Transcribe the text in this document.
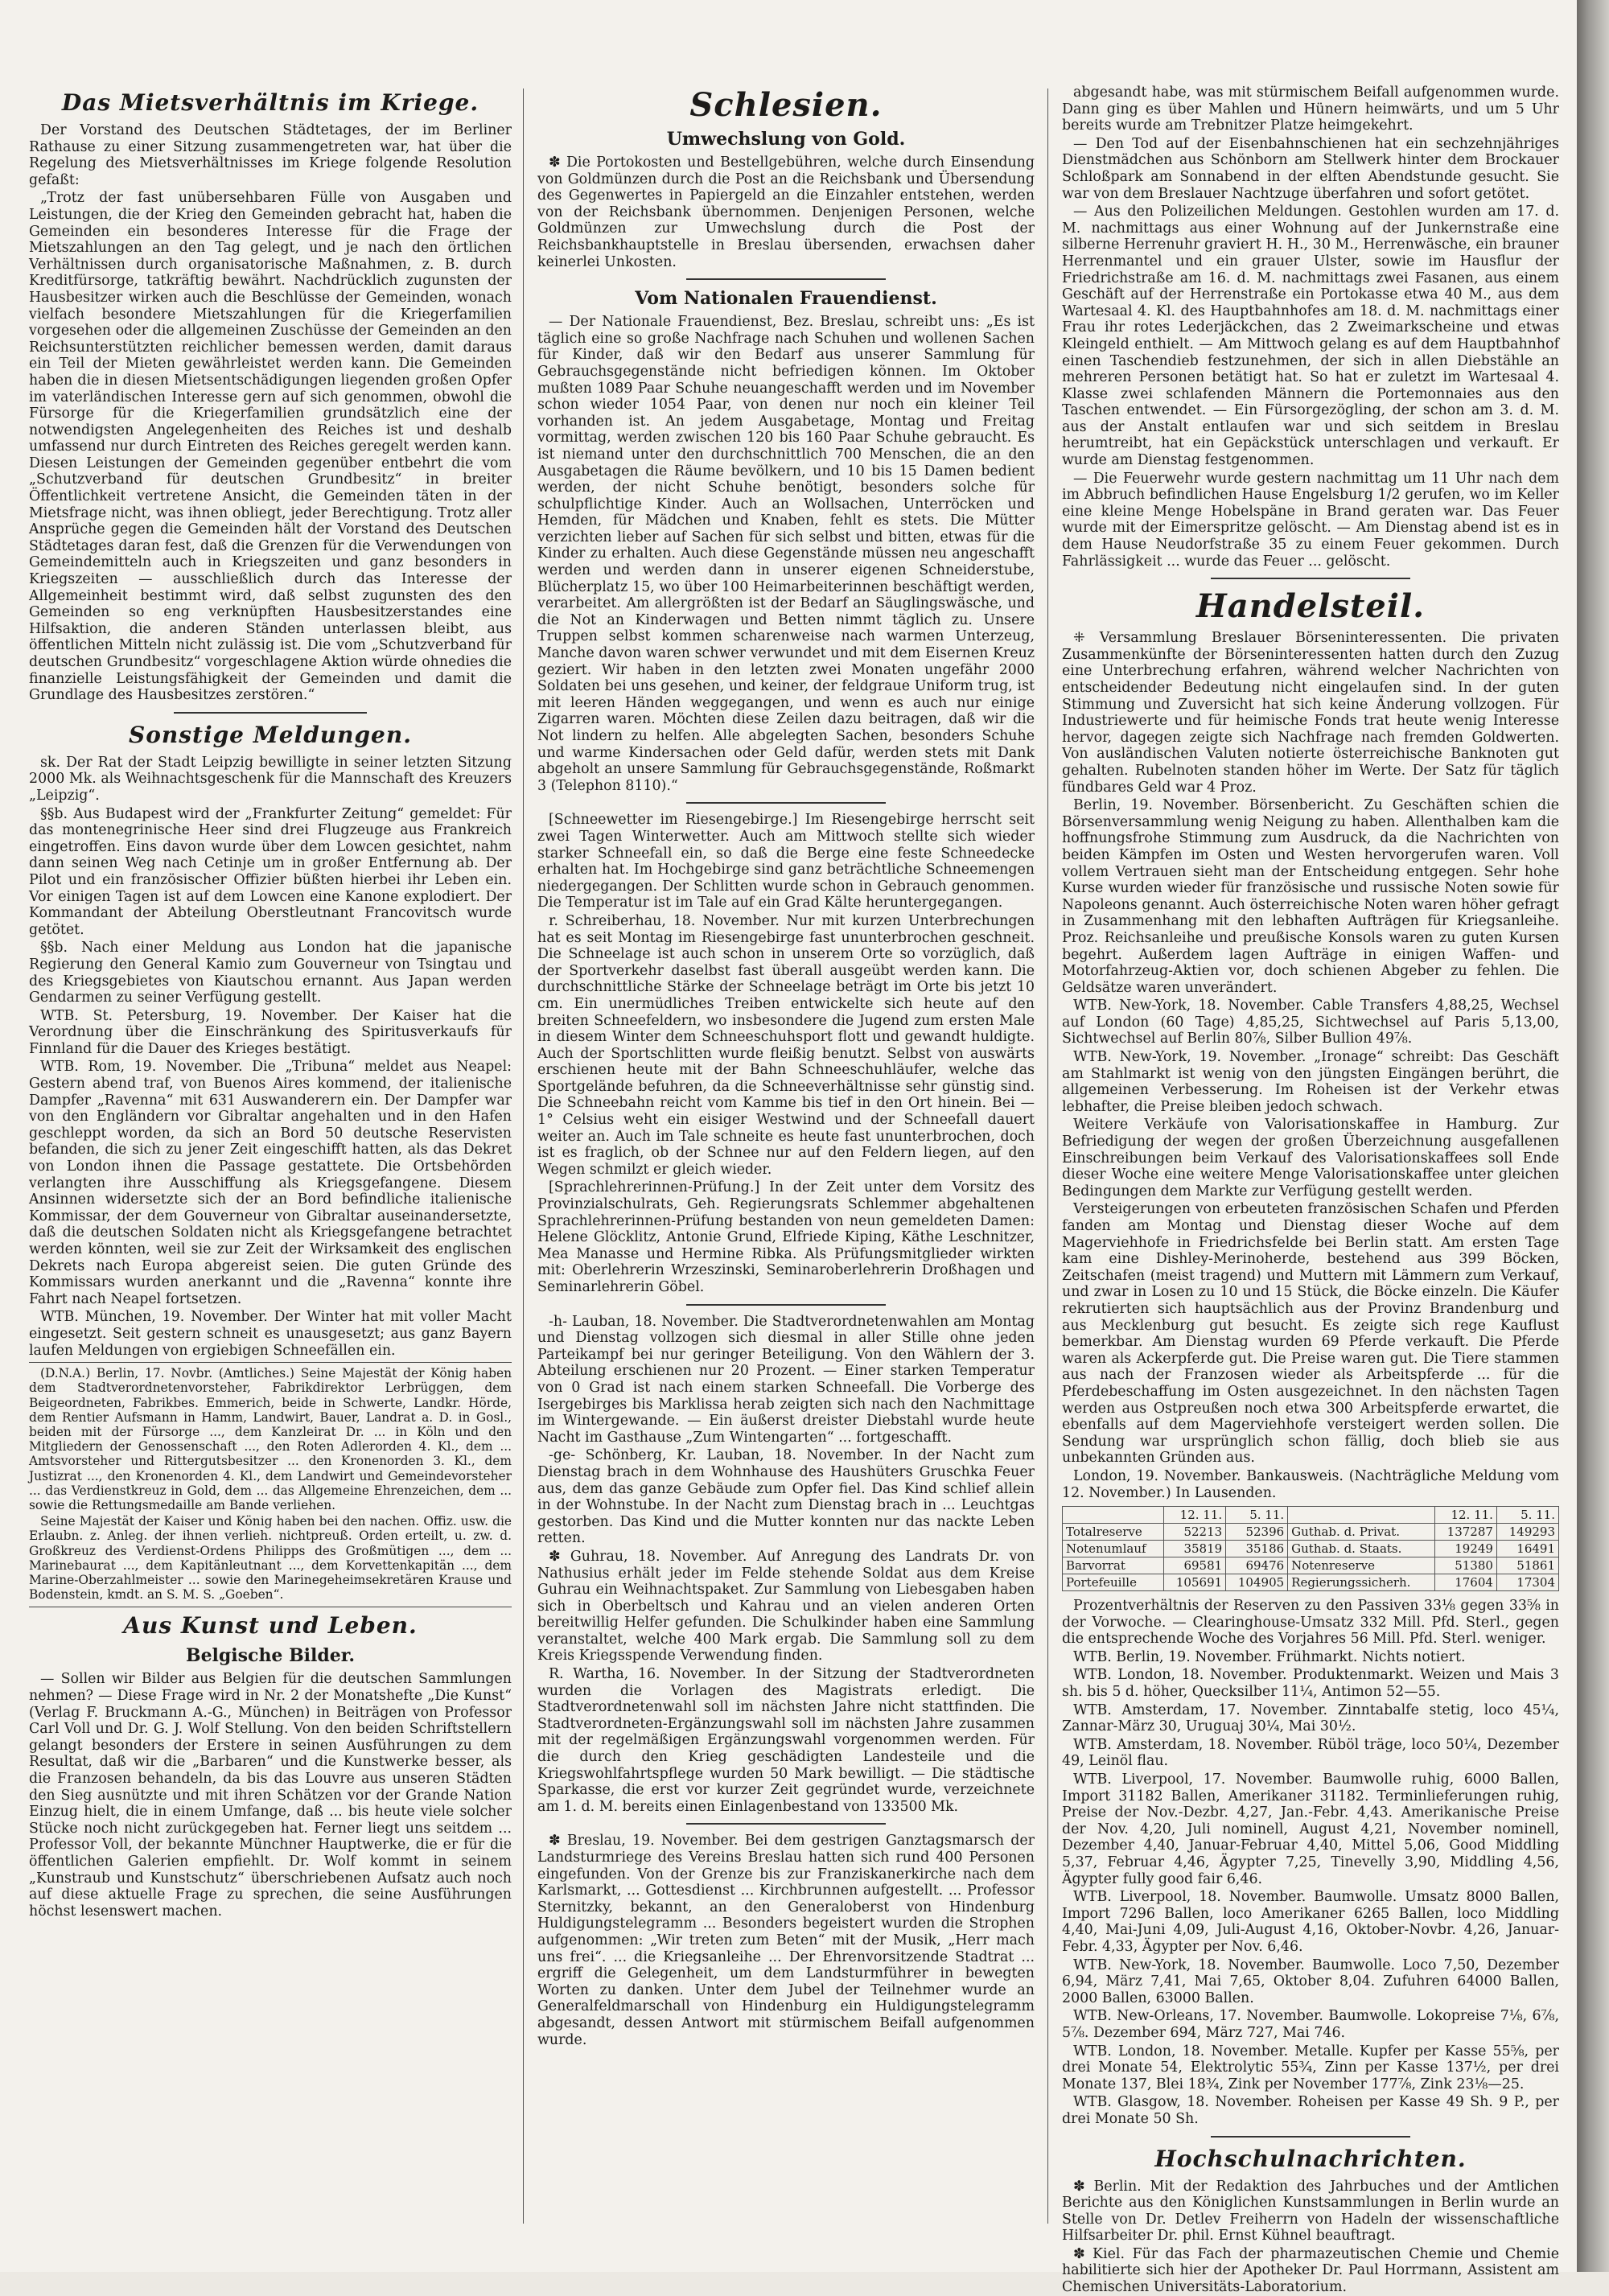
Das Mietsverhältnis im Kriege.

Der Vorstand des Deutschen Städtetages, der im Berliner Rathause zu einer Sitzung zusammengetreten war, hat über die Regelung des Mietsverhältnisses im Kriege folgende Resolution gefaßt:

„Trotz der fast unübersehbaren Fülle von Ausgaben und Leistungen, die der Krieg den Gemeinden gebracht hat, haben die Gemeinden ein besonderes Interesse für die Frage der Mietszahlungen an den Tag gelegt, und je nach den örtlichen Verhältnissen durch organisatorische Maßnahmen, z. B. durch Kreditfürsorge, tatkräftig bewährt. Nachdrücklich zugunsten der Hausbesitzer wirken auch die Beschlüsse der Gemeinden, wonach vielfach besondere Mietszahlungen für die Kriegerfamilien vorgesehen oder die allgemeinen Zuschüsse der Gemeinden an den Reichsunterstützten reichlicher bemessen werden, damit daraus ein Teil der Mieten gewährleistet werden kann. Die Gemeinden haben die in diesen Mietsentschädigungen liegenden großen Opfer im vaterländischen Interesse gern auf sich genommen, obwohl die Fürsorge für die Kriegerfamilien grundsätzlich eine der notwendigsten Angelegenheiten des Reiches ist und deshalb umfassend nur durch Eintreten des Reiches geregelt werden kann. Diesen Leistungen der Gemeinden gegenüber entbehrt die vom „Schutzverband für deutschen Grundbesitz“ in breiter Öffentlichkeit vertretene Ansicht, die Gemeinden täten in der Mietsfrage nicht, was ihnen obliegt, jeder Berechtigung. Trotz aller Ansprüche gegen die Gemeinden hält der Vorstand des Deutschen Städtetages daran fest, daß die Grenzen für die Verwendungen von Gemeindemitteln auch in Kriegszeiten und ganz besonders in Kriegszeiten — ausschließlich durch das Interesse der Allgemeinheit bestimmt wird, daß selbst zugunsten des den Gemeinden so eng verknüpften Hausbesitzerstandes eine Hilfsaktion, die anderen Ständen unterlassen bleibt, aus öffentlichen Mitteln nicht zulässig ist. Die vom „Schutzverband für deutschen Grundbesitz“ vorgeschlagene Aktion würde ohnedies die finanzielle Leistungsfähigkeit der Gemeinden und damit die Grundlage des Hausbesitzes zerstören.“

Sonstige Meldungen.

sk. Der Rat der Stadt Leipzig bewilligte in seiner letzten Sitzung 2000 Mk. als Weihnachtsgeschenk für die Mannschaft des Kreuzers „Leipzig“.

§§b. Aus Budapest wird der „Frankfurter Zeitung“ gemeldet: Für das montenegrinische Heer sind drei Flugzeuge aus Frankreich eingetroffen. Eins davon wurde über dem Lowcen gesichtet, nahm dann seinen Weg nach Cetinje um in großer Entfernung ab. Der Pilot und ein französischer Offizier büßten hierbei ihr Leben ein. Vor einigen Tagen ist auf dem Lowcen eine Kanone explodiert. Der Kommandant der Abteilung Oberstleutnant Francovitsch wurde getötet.

§§b. Nach einer Meldung aus London hat die japanische Regierung den General Kamio zum Gouverneur von Tsingtau und des Kriegsgebietes von Kiautschou ernannt. Aus Japan werden Gendarmen zu seiner Verfügung gestellt.

WTB. St. Petersburg, 19. November. Der Kaiser hat die Verordnung über die Einschränkung des Spiritusverkaufs für Finnland für die Dauer des Krieges bestätigt.

WTB. Rom, 19. November. Die „Tribuna“ meldet aus Neapel: Gestern abend traf, von Buenos Aires kommend, der italienische Dampfer „Ravenna“ mit 631 Auswanderern ein. Der Dampfer war von den Engländern vor Gibraltar angehalten und in den Hafen geschleppt worden, da sich an Bord 50 deutsche Reservisten befanden, die sich zu jener Zeit eingeschifft hatten, als das Dekret von London ihnen die Passage gestattete. Die Ortsbehörden verlangten ihre Ausschiffung als Kriegsgefangene. Diesem Ansinnen widersetzte sich der an Bord befindliche italienische Kommissar, der dem Gouverneur von Gibraltar auseinandersetzte, daß die deutschen Soldaten nicht als Kriegsgefangene betrachtet werden könnten, weil sie zur Zeit der Wirksamkeit des englischen Dekrets nach Europa abgereist seien. Die guten Gründe des Kommissars wurden anerkannt und die „Ravenna“ konnte ihre Fahrt nach Neapel fortsetzen.

WTB. München, 19. November. Der Winter hat mit voller Macht eingesetzt. Seit gestern schneit es unausgesetzt; aus ganz Bayern laufen Meldungen von ergiebigen Schneefällen ein.

(D.N.A.) Berlin, 17. Novbr. (Amtliches.) Seine Majestät der König haben dem Stadtverordnetenvorsteher, Fabrikdirektor Lerbrüggen, dem Beigeordneten, Fabrikbes. Emmerich, beide in Schwerte, Landkr. Hörde, dem Rentier Aufsmann in Hamm, Landwirt, Bauer, Landrat a. D. in Gosl., beiden mit der Fürsorge ..., dem Kanzleirat Dr. ... in Köln und den Mitgliedern der Genossenschaft ..., den Roten Adlerorden 4. Kl., dem ... Amtsvorsteher und Rittergutsbesitzer ... den Kronenorden 3. Kl., dem Justizrat ..., den Kronenorden 4. Kl., dem Landwirt und Gemeindevorsteher ... das Verdienstkreuz in Gold, dem ... das Allgemeine Ehrenzeichen, dem ... sowie die Rettungsmedaille am Bande verliehen.

Seine Majestät der Kaiser und König haben bei den nachen. Offiz. usw. die Erlaubn. z. Anleg. der ihnen verlieh. nichtpreuß. Orden erteilt, u. zw. d. Großkreuz des Verdienst-Ordens Philipps des Großmütigen ..., dem ... Marinebaurat ..., dem Kapitänleutnant ..., dem Korvettenkapitän ..., dem Marine-Oberzahlmeister ... sowie den Marinegeheimsekretären Krause und Bodenstein, kmdt. an S. M. S. „Goeben“.

Aus Kunst und Leben.
Belgische Bilder.

— Sollen wir Bilder aus Belgien für die deutschen Sammlungen nehmen? — Diese Frage wird in Nr. 2 der Monatshefte „Die Kunst“ (Verlag F. Bruckmann A.-G., München) in Beiträgen von Professor Carl Voll und Dr. G. J. Wolf Stellung. Von den beiden Schriftstellern gelangt besonders der Erstere in seinen Ausführungen zu dem Resultat, daß wir die „Barbaren“ und die Kunstwerke besser, als die Franzosen behandeln, da bis das Louvre aus unseren Städten den Sieg ausnützte und mit ihren Schätzen vor der Grande Nation Einzug hielt, die in einem Umfange, daß ... bis heute viele solcher Stücke noch nicht zurückgegeben hat. Ferner liegt uns seitdem ... Professor Voll, der bekannte Münchner Hauptwerke, die er für die öffentlichen Galerien empfiehlt. Dr. Wolf kommt in seinem „Kunstraub und Kunstschutz“ überschriebenen Aufsatz auch noch auf diese aktuelle Frage zu sprechen, die seine Ausführungen höchst lesenswert machen.

Schlesien.
Umwechslung von Gold.

✽ Die Portokosten und Bestellgebühren, welche durch Einsendung von Goldmünzen durch die Post an die Reichsbank und Übersendung des Gegenwertes in Papiergeld an die Einzahler entstehen, werden von der Reichsbank übernommen. Denjenigen Personen, welche Goldmünzen zur Umwechslung durch die Post der Reichsbankhauptstelle in Breslau übersenden, erwachsen daher keinerlei Unkosten.

Vom Nationalen Frauendienst.

— Der Nationale Frauendienst, Bez. Breslau, schreibt uns: „Es ist täglich eine so große Nachfrage nach Schuhen und wollenen Sachen für Kinder, daß wir den Bedarf aus unserer Sammlung für Gebrauchsgegenstände nicht befriedigen können. Im Oktober mußten 1089 Paar Schuhe neuangeschafft werden und im November schon wieder 1054 Paar, von denen nur noch ein kleiner Teil vorhanden ist. An jedem Ausgabetage, Montag und Freitag vormittag, werden zwischen 120 bis 160 Paar Schuhe gebraucht. Es ist niemand unter den durchschnittlich 700 Menschen, die an den Ausgabetagen die Räume bevölkern, und 10 bis 15 Damen bedient werden, der nicht Schuhe benötigt, besonders solche für schulpflichtige Kinder. Auch an Wollsachen, Unterröcken und Hemden, für Mädchen und Knaben, fehlt es stets. Die Mütter verzichten lieber auf Sachen für sich selbst und bitten, etwas für die Kinder zu erhalten. Auch diese Gegenstände müssen neu angeschafft werden und werden dann in unserer eigenen Schneiderstube, Blücherplatz 15, wo über 100 Heimarbeiterinnen beschäftigt werden, verarbeitet. Am allergrößten ist der Bedarf an Säuglingswäsche, und die Not an Kinderwagen und Betten nimmt täglich zu. Unsere Truppen selbst kommen scharenweise nach warmen Unterzeug, Manche davon waren schwer verwundet und mit dem Eisernen Kreuz geziert. Wir haben in den letzten zwei Monaten ungefähr 2000 Soldaten bei uns gesehen, und keiner, der feldgraue Uniform trug, ist mit leeren Händen weggegangen, und wenn es auch nur einige Zigarren waren. Möchten diese Zeilen dazu beitragen, daß wir die Not lindern zu helfen. Alle abgelegten Sachen, besonders Schuhe und warme Kindersachen oder Geld dafür, werden stets mit Dank abgeholt an unsere Sammlung für Gebrauchsgegenstände, Roßmarkt 3 (Telephon 8110).“

[Schneewetter im Riesengebirge.] Im Riesengebirge herrscht seit zwei Tagen Winterwetter. Auch am Mittwoch stellte sich wieder starker Schneefall ein, so daß die Berge eine feste Schneedecke erhalten hat. Im Hochgebirge sind ganz beträchtliche Schneemengen niedergegangen. Der Schlitten wurde schon in Gebrauch genommen. Die Temperatur ist im Tale auf ein Grad Kälte heruntergegangen.

r. Schreiberhau, 18. November. Nur mit kurzen Unterbrechungen hat es seit Montag im Riesengebirge fast ununterbrochen geschneit. Die Schneelage ist auch schon in unserem Orte so vorzüglich, daß der Sportverkehr daselbst fast überall ausgeübt werden kann. Die durchschnittliche Stärke der Schneelage beträgt im Orte bis jetzt 10 cm. Ein unermüdliches Treiben entwickelte sich heute auf den breiten Schneefeldern, wo insbesondere die Jugend zum ersten Male in diesem Winter dem Schneeschuhsport flott und gewandt huldigte. Auch der Sportschlitten wurde fleißig benutzt. Selbst von auswärts erschienen heute mit der Bahn Schneeschuhläufer, welche das Sportgelände befuhren, da die Schneeverhältnisse sehr günstig sind. Die Schneebahn reicht vom Kamme bis tief in den Ort hinein. Bei — 1° Celsius weht ein eisiger Westwind und der Schneefall dauert weiter an. Auch im Tale schneite es heute fast ununterbrochen, doch ist es fraglich, ob der Schnee nur auf den Feldern liegen, auf den Wegen schmilzt er gleich wieder.

[Sprachlehrerinnen-Prüfung.] In der Zeit unter dem Vorsitz des Provinzialschulrats, Geh. Regierungsrats Schlemmer abgehaltenen Sprachlehrerinnen-Prüfung bestanden von neun gemeldeten Damen: Helene Glöcklitz, Antonie Grund, Elfriede Kiping, Käthe Leschnitzer, Mea Manasse und Hermine Ribka. Als Prüfungsmitglieder wirkten mit: Oberlehrerin Wrzeszinski, Seminaroberlehrerin Droßhagen und Seminarlehrerin Göbel.

-h- Lauban, 18. November. Die Stadtverordnetenwahlen am Montag und Dienstag vollzogen sich diesmal in aller Stille ohne jeden Parteikampf bei nur geringer Beteiligung. Von den Wählern der 3. Abteilung erschienen nur 20 Prozent. — Einer starken Temperatur von 0 Grad ist nach einem starken Schneefall. Die Vorberge des Isergebirges bis Marklissa herab zeigten sich nach den Nachmittage im Wintergewande. — Ein äußerst dreister Diebstahl wurde heute Nacht im Gasthause „Zum Wintengarten“ ... fortgeschafft.

-ge- Schönberg, Kr. Lauban, 18. November. In der Nacht zum Dienstag brach in dem Wohnhause des Haushüters Gruschka Feuer aus, dem das ganze Gebäude zum Opfer fiel. Das Kind schlief allein in der Wohnstube. In der Nacht zum Dienstag brach in ... Leuchtgas gestorben. Das Kind und die Mutter konnten nur das nackte Leben retten.

✽ Guhrau, 18. November. Auf Anregung des Landrats Dr. von Nathusius erhält jeder im Felde stehende Soldat aus dem Kreise Guhrau ein Weihnachtspaket. Zur Sammlung von Liebesgaben haben sich in Oberbeltsch und Kahrau und an vielen anderen Orten bereitwillig Helfer gefunden. Die Schulkinder haben eine Sammlung veranstaltet, welche 400 Mark ergab. Die Sammlung soll zu dem Kreis Kriegsspende Verwendung finden.

R. Wartha, 16. November. In der Sitzung der Stadtverordneten wurden die Vorlagen des Magistrats erledigt. Die Stadtverordnetenwahl soll im nächsten Jahre nicht stattfinden. Die Stadtverordneten-Ergänzungswahl soll im nächsten Jahre zusammen mit der regelmäßigen Ergänzungswahl vorgenommen werden. Für die durch den Krieg geschädigten Landesteile und die Kriegswohlfahrtspflege wurden 50 Mark bewilligt. — Die städtische Sparkasse, die erst vor kurzer Zeit gegründet wurde, verzeichnete am 1. d. M. bereits einen Einlagenbestand von 133500 Mk.

✽ Breslau, 19. November. Bei dem gestrigen Ganztagsmarsch der Landsturmriege des Vereins Breslau hatten sich rund 400 Personen eingefunden. Von der Grenze bis zur Franziskanerkirche nach dem Karlsmarkt, ... Gottesdienst ... Kirchbrunnen aufgestellt. ... Professor Sternitzky, bekannt, an den Generaloberst von Hindenburg Huldigungstelegramm ... Besonders begeistert wurden die Strophen aufgenommen: „Wir treten zum Beten“ mit der Musik, „Herr mach uns frei“. ... die Kriegsanleihe ... Der Ehrenvorsitzende Stadtrat ... ergriff die Gelegenheit, um dem Landsturmführer in bewegten Worten zu danken. Unter dem Jubel der Teilnehmer wurde an Generalfeldmarschall von Hindenburg ein Huldigungstelegramm abgesandt, dessen Antwort mit stürmischem Beifall aufgenommen wurde.

abgesandt habe, was mit stürmischem Beifall aufgenommen wurde. Dann ging es über Mahlen und Hünern heimwärts, und um 5 Uhr bereits wurde am Trebnitzer Platze heimgekehrt.

— Den Tod auf der Eisenbahnschienen hat ein sechzehnjähriges Dienstmädchen aus Schönborn am Stellwerk hinter dem Brockauer Schloßpark am Sonnabend in der elften Abendstunde gesucht. Sie war von dem Breslauer Nachtzuge überfahren und sofort getötet.

— Aus den Polizeilichen Meldungen. Gestohlen wurden am 17. d. M. nachmittags aus einer Wohnung auf der Junkernstraße eine silberne Herrenuhr graviert H. H., 30 M., Herrenwäsche, ein brauner Herrenmantel und ein grauer Ulster, sowie im Hausflur der Friedrichstraße am 16. d. M. nachmittags zwei Fasanen, aus einem Geschäft auf der Herrenstraße ein Portokasse etwa 40 M., aus dem Wartesaal 4. Kl. des Hauptbahnhofes am 18. d. M. nachmittags einer Frau ihr rotes Lederjäckchen, das 2 Zweimarkscheine und etwas Kleingeld enthielt. — Am Mittwoch gelang es auf dem Hauptbahnhof einen Taschendieb festzunehmen, der sich in allen Diebstähle an mehreren Personen betätigt hat. So hat er zuletzt im Wartesaal 4. Klasse zwei schlafenden Männern die Portemonnaies aus den Taschen entwendet. — Ein Fürsorgezögling, der schon am 3. d. M. aus der Anstalt entlaufen war und sich seitdem in Breslau herumtreibt, hat ein Gepäckstück unterschlagen und verkauft. Er wurde am Dienstag festgenommen.

— Die Feuerwehr wurde gestern nachmittag um 11 Uhr nach dem im Abbruch befindlichen Hause Engelsburg 1/2 gerufen, wo im Keller eine kleine Menge Hobelspäne in Brand geraten war. Das Feuer wurde mit der Eimerspritze gelöscht. — Am Dienstag abend ist es in dem Hause Neudorfstraße 35 zu einem Feuer gekommen. Durch Fahrlässigkeit ... wurde das Feuer ... gelöscht.

Handelsteil.

⁜ Versammlung Breslauer Börseninteressenten. Die privaten Zusammenkünfte der Börseninteressenten hatten durch den Zuzug eine Unterbrechung erfahren, während welcher Nachrichten von entscheidender Bedeutung nicht eingelaufen sind. In der guten Stimmung und Zuversicht hat sich keine Änderung vollzogen. Für Industriewerte und für heimische Fonds trat heute wenig Interesse hervor, dagegen zeigte sich Nachfrage nach fremden Goldwerten. Von ausländischen Valuten notierte österreichische Banknoten gut gehalten. Rubelnoten standen höher im Werte. Der Satz für täglich fündbares Geld war 4 Proz.

Berlin, 19. November. Börsenbericht. Zu Geschäften schien die Börsenversammlung wenig Neigung zu haben. Allenthalben kam die hoffnungsfrohe Stimmung zum Ausdruck, da die Nachrichten von beiden Kämpfen im Osten und Westen hervorgerufen waren. Voll vollem Vertrauen sieht man der Entscheidung entgegen. Sehr hohe Kurse wurden wieder für französische und russische Noten sowie für Napoleons genannt. Auch österreichische Noten waren höher gefragt in Zusammenhang mit den lebhaften Aufträgen für Kriegsanleihe. Proz. Reichsanleihe und preußische Konsols waren zu guten Kursen begehrt. Außerdem lagen Aufträge in einigen Waffen- und Motorfahrzeug-Aktien vor, doch schienen Abgeber zu fehlen. Die Geldsätze waren unverändert.

WTB. New-York, 18. November. Cable Transfers 4,88,25, Wechsel auf London (60 Tage) 4,85,25, Sichtwechsel auf Paris 5,13,00, Sichtwechsel auf Berlin 80⅞, Silber Bullion 49⅞.

WTB. New-York, 19. November. „Ironage“ schreibt: Das Geschäft am Stahlmarkt ist wenig von den jüngsten Eingängen berührt, die allgemeinen Verbesserung. Im Roheisen ist der Verkehr etwas lebhafter, die Preise bleiben jedoch schwach.

Weitere Verkäufe von Valorisationskaffee in Hamburg. Zur Befriedigung der wegen der großen Überzeichnung ausgefallenen Einschreibungen beim Verkauf des Valorisationskaffees soll Ende dieser Woche eine weitere Menge Valorisationskaffee unter gleichen Bedingungen dem Markte zur Verfügung gestellt werden.

Versteigerungen von erbeuteten französischen Schafen und Pferden fanden am Montag und Dienstag dieser Woche auf dem Magerviehhofe in Friedrichsfelde bei Berlin statt. Am ersten Tage kam eine Dishley-Merinoherde, bestehend aus 399 Böcken, Zeitschafen (meist tragend) und Muttern mit Lämmern zum Verkauf, und zwar in Losen zu 10 und 15 Stück, die Böcke einzeln. Die Käufer rekrutierten sich hauptsächlich aus der Provinz Brandenburg und aus Mecklenburg gut besucht. Es zeigte sich rege Kauflust bemerkbar. Am Dienstag wurden 69 Pferde verkauft. Die Pferde waren als Ackerpferde gut. Die Preise waren gut. Die Tiere stammen aus nach der Franzosen wieder als Arbeitspferde ... für die Pferdebeschaffung im Osten ausgezeichnet. In den nächsten Tagen werden aus Ostpreußen noch etwa 300 Arbeitspferde erwartet, die ebenfalls auf dem Magerviehhofe versteigert werden sollen. Die Sendung war ursprünglich schon fällig, doch blieb sie aus unbekannten Gründen aus.

London, 19. November. Bankausweis. (Nachträgliche Meldung vom 12. November.) In Lausenden.

	12. 11.	5. 11.		12. 11.	5. 11.
Totalreserve	52213	52396	Guthab. d. Privat.	137287	149293
Notenumlauf	35819	35186	Guthab. d. Staats.	19249	16491
Barvorrat	69581	69476	Notenreserve	51380	51861
Portefeuille	105691	104905	Regierungssicherh.	17604	17304

Prozentverhältnis der Reserven zu den Passiven 33⅛ gegen 33⅝ in der Vorwoche. — Clearinghouse-Umsatz 332 Mill. Pfd. Sterl., gegen die entsprechende Woche des Vorjahres 56 Mill. Pfd. Sterl. weniger.

WTB. Berlin, 19. November. Frühmarkt. Nichts notiert.

WTB. London, 18. November. Produktenmarkt. Weizen und Mais 3 sh. bis 5 d. höher, Quecksilber 11¼, Antimon 52—55.

WTB. Amsterdam, 17. November. Zinntabalfe stetig, loco 45¼, Zannar-März 30, Uruguaj 30¼, Mai 30½.

WTB. Amsterdam, 18. November. Rüböl träge, loco 50¼, Dezember 49, Leinöl flau.

WTB. Liverpool, 17. November. Baumwolle ruhig, 6000 Ballen, Import 31182 Ballen, Amerikaner 31182. Terminlieferungen ruhig, Preise der Nov.-Dezbr. 4,27, Jan.-Febr. 4,43. Amerikanische Preise der Nov. 4,20, Juli nominell, August 4,21, November nominell, Dezember 4,40, Januar-Februar 4,40, Mittel 5,06, Good Middling 5,37, Februar 4,46, Ägypter 7,25, Tinevelly 3,90, Middling 4,56, Ägypter fully good fair 6,46.

WTB. Liverpool, 18. November. Baumwolle. Umsatz 8000 Ballen, Import 7296 Ballen, loco Amerikaner 6265 Ballen, loco Middling 4,40, Mai-Juni 4,09, Juli-August 4,16, Oktober-Novbr. 4,26, Januar-Febr. 4,33, Ägypter per Nov. 6,46.

WTB. New-York, 18. November. Baumwolle. Loco 7,50, Dezember 6,94, März 7,41, Mai 7,65, Oktober 8,04. Zufuhren 64000 Ballen, 2000 Ballen, 63000 Ballen.

WTB. New-Orleans, 17. November. Baumwolle. Lokopreise 7⅛, 6⅞, 5⅞. Dezember 694, März 727, Mai 746.

WTB. London, 18. November. Metalle. Kupfer per Kasse 55⅝, per drei Monate 54, Elektrolytic 55¾, Zinn per Kasse 137½, per drei Monate 137, Blei 18¾, Zink per November 177⅞, Zink 23⅛—25.

WTB. Glasgow, 18. November. Roheisen per Kasse 49 Sh. 9 P., per drei Monate 50 Sh.

Hochschulnachrichten.

✽ Berlin. Mit der Redaktion des Jahrbuches und der Amtlichen Berichte aus den Königlichen Kunstsammlungen in Berlin wurde an Stelle von Dr. Detlev Freiherrn von Hadeln der wissenschaftliche Hilfsarbeiter Dr. phil. Ernst Kühnel beauftragt.

✽ Kiel. Für das Fach der pharmazeutischen Chemie und Chemie habilitierte sich hier der Apotheker Dr. Paul Horrmann, Assistent am Chemischen Universitäts-Laboratorium.
